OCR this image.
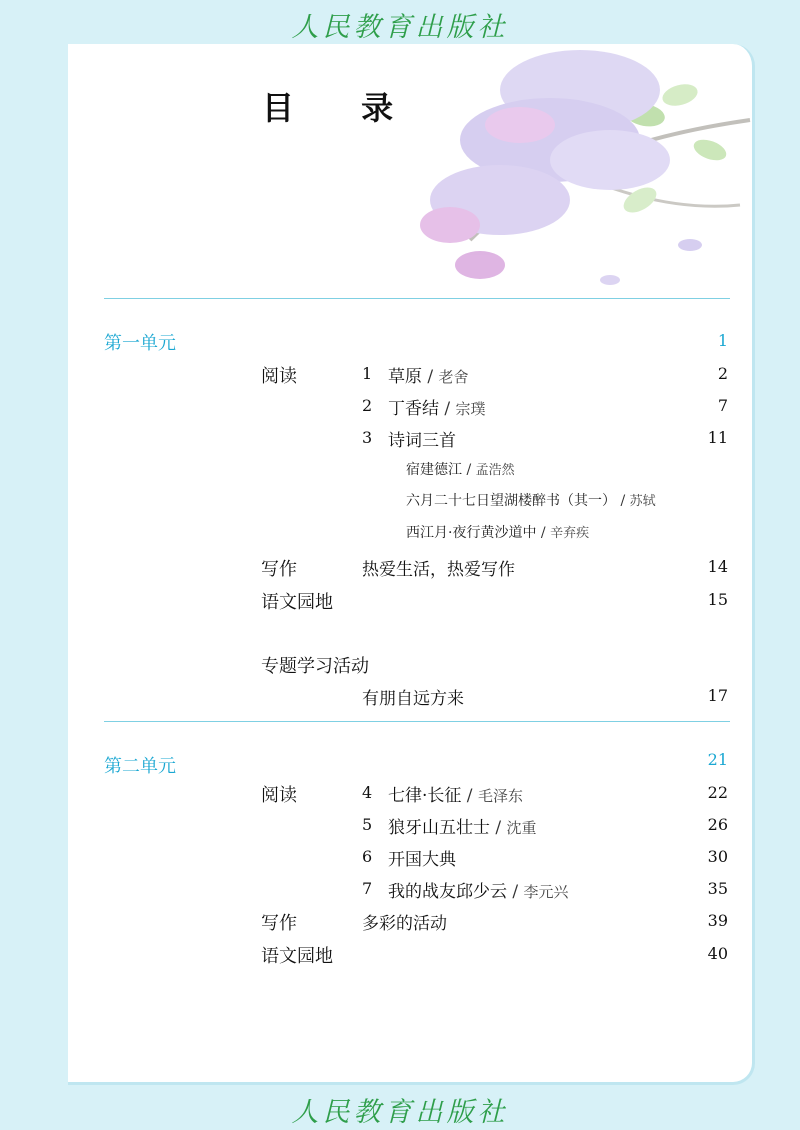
人民教育出版社
目 录
第一单元	1
阅读	1 草原 / 老舍	2
2 丁香结 / 宗璞	7
3 诗词三首	11
宿建德江 / 孟浩然
六月二十七日望湖楼醉书（其一） / 苏轼
西江月·夜行黄沙道中 / 辛弃疾
写作	热爱生活，热爱写作	14
语文园地	15
专题学习活动
有朋自远方来	17
第二单元	21
阅读	4 七律·长征 / 毛泽东	22
5 狼牙山五壮士 / 沈重	26
6 开国大典	30
7 我的战友邱少云 / 李元兴	35
写作	多彩的活动	39
语文园地	40
人民教育出版社
